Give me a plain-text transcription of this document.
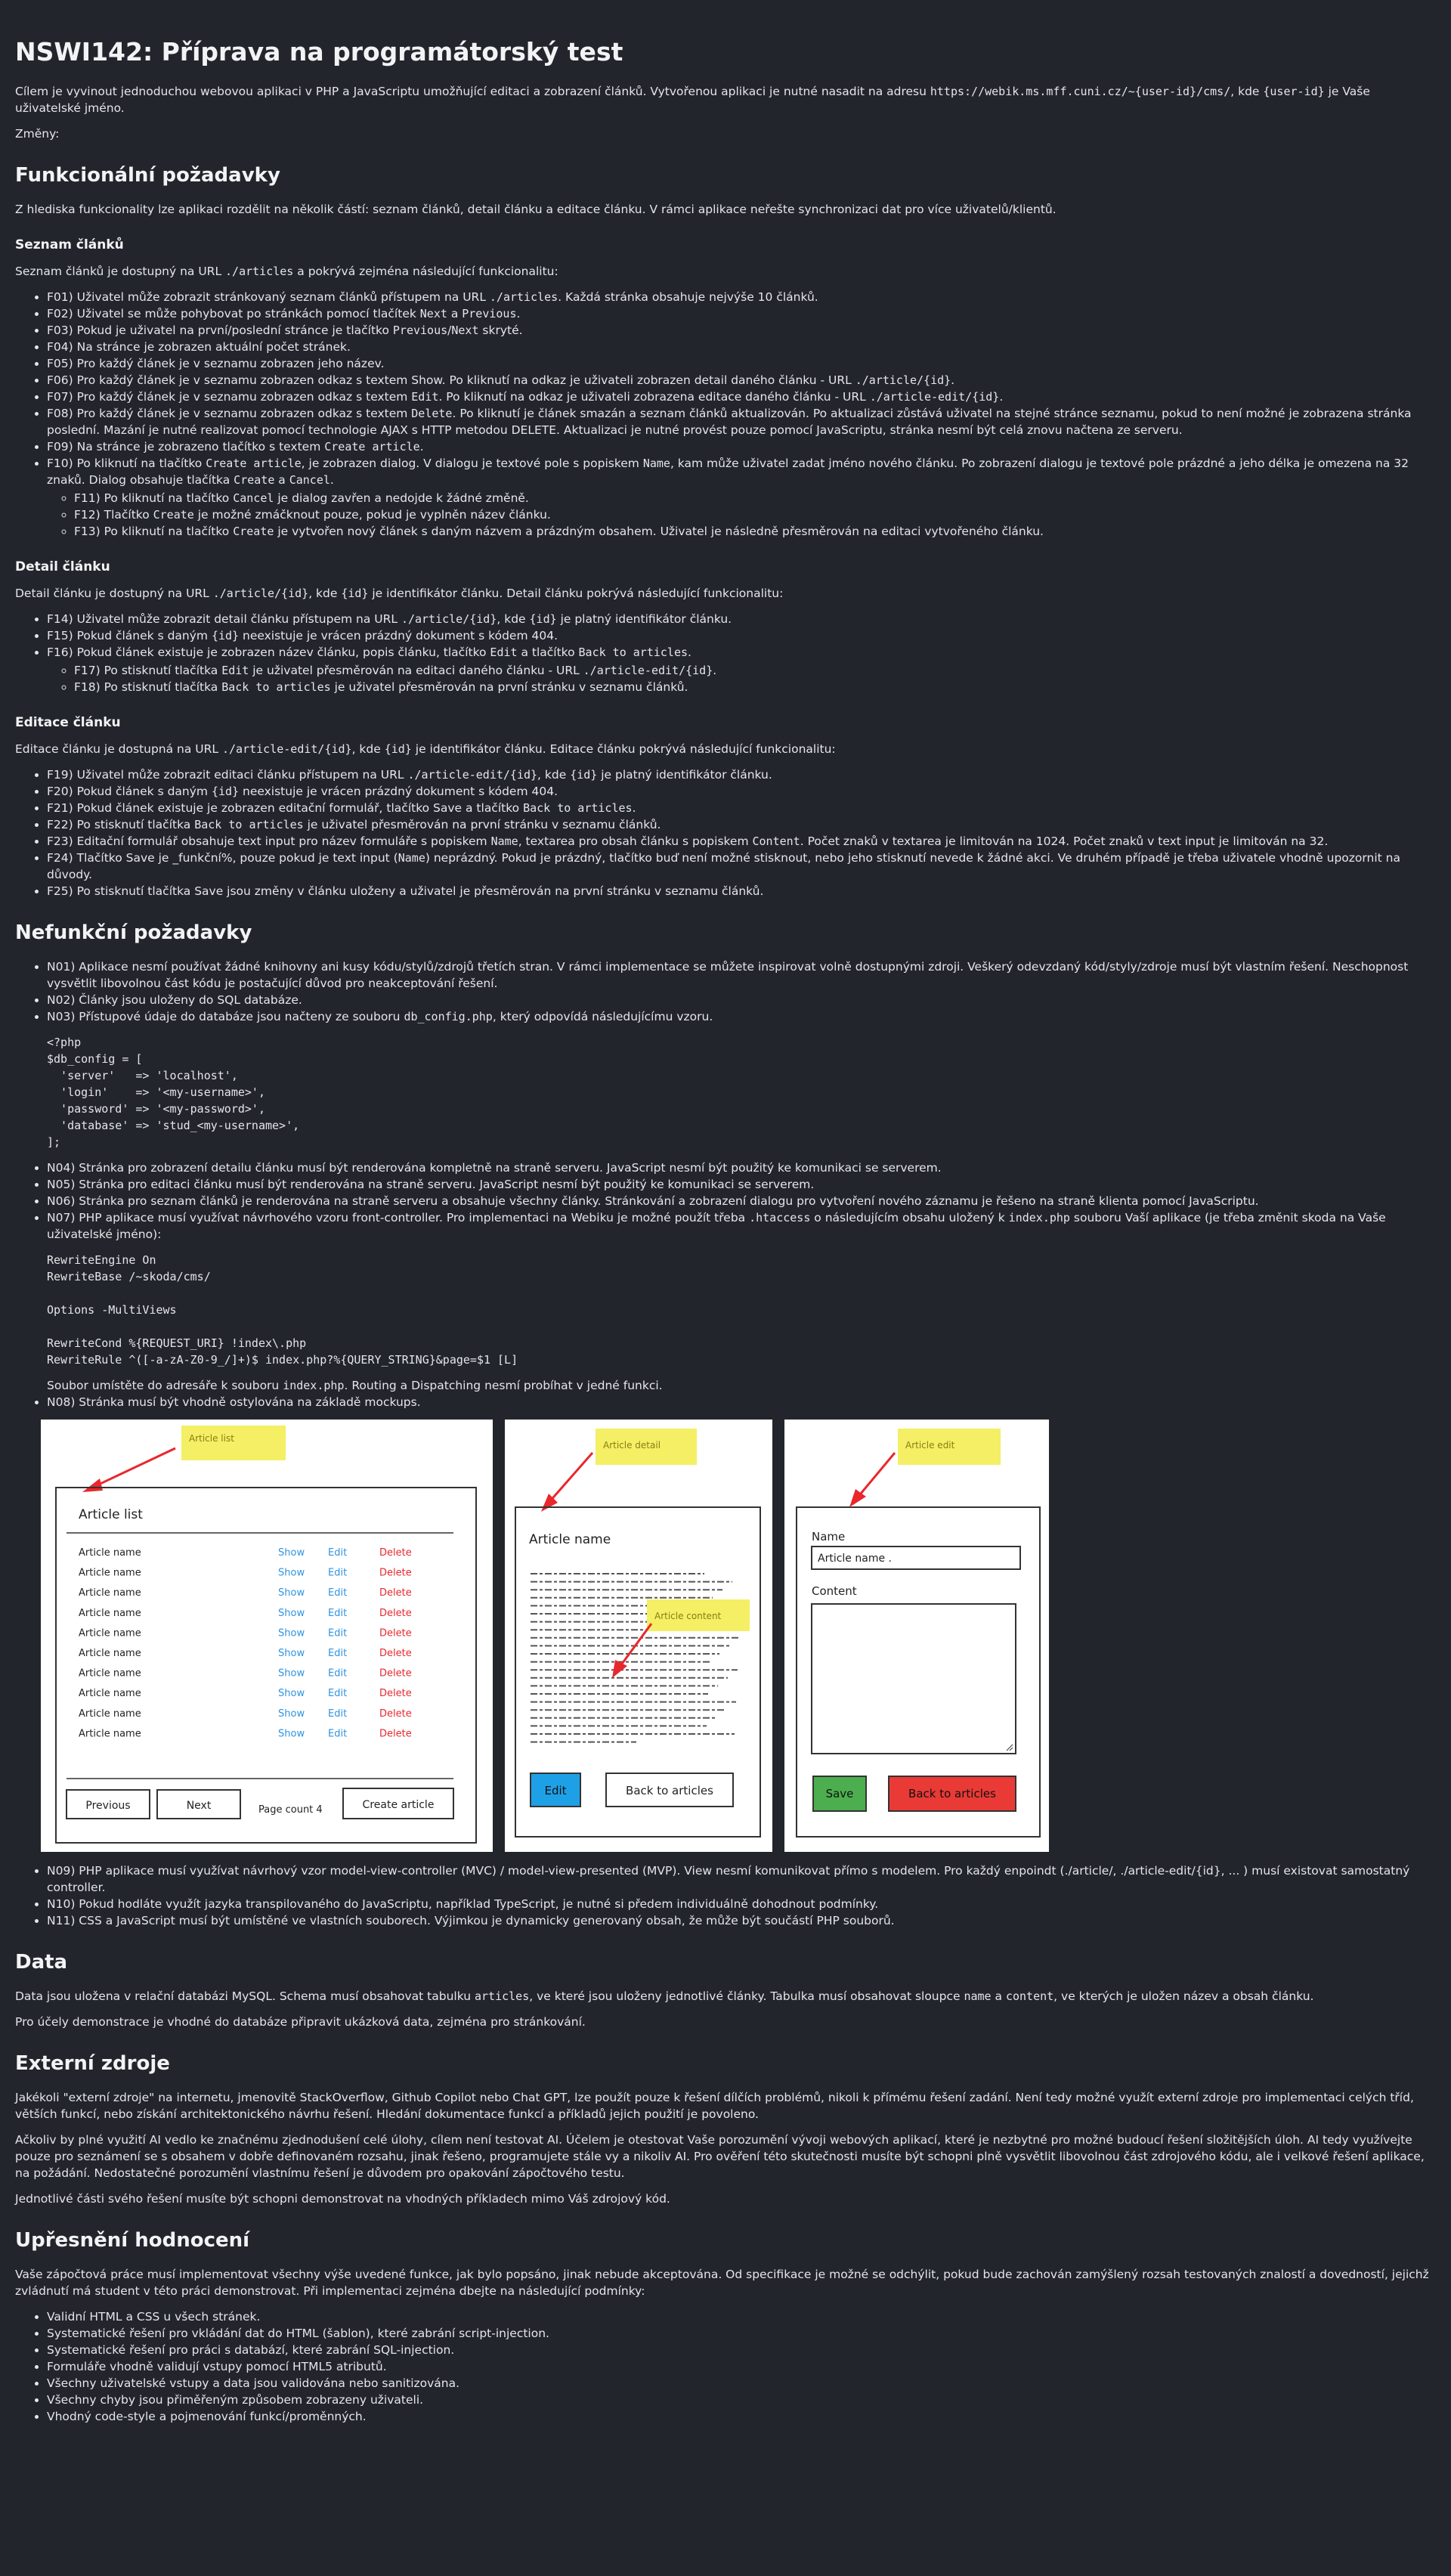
NSWI142: Příprava na programátorský test

Cílem je vyvinout jednoduchou webovou aplikaci v PHP a JavaScriptu umožňující editaci a zobrazení článků. Vytvořenou aplikaci je nutné nasadit na adresu https://webik.ms.mff.cuni.cz/~{user-id}/cms/, kde {user-id} je Vaše uživatelské jméno.

Změny:

Funkcionální požadavky

Z hlediska funkcionality lze aplikaci rozdělit na několik částí: seznam článků, detail článku a editace článku. V rámci aplikace neřešte synchronizaci dat pro více uživatelů/klientů.

Seznam článků

Seznam článků je dostupný na URL ./articles a pokrývá zejména následující funkcionalitu:

• F01) Uživatel může zobrazit stránkovaný seznam článků přístupem na URL ./articles. Každá stránka obsahuje nejvýše 10 článků.
• F02) Uživatel se může pohybovat po stránkách pomocí tlačítek Next a Previous.
• F03) Pokud je uživatel na první/poslední stránce je tlačítko Previous/Next skryté.
• F04) Na stránce je zobrazen aktuální počet stránek.
• F05) Pro každý článek je v seznamu zobrazen jeho název.
• F06) Pro každý článek je v seznamu zobrazen odkaz s textem Show. Po kliknutí na odkaz je uživateli zobrazen detail daného článku - URL ./article/{id}.
• F07) Pro každý článek je v seznamu zobrazen odkaz s textem Edit. Po kliknutí na odkaz je uživateli zobrazena editace daného článku - URL ./article-edit/{id}.
• F08) Pro každý článek je v seznamu zobrazen odkaz s textem Delete. Po kliknutí je článek smazán a seznam článků aktualizován. Po aktualizaci zůstává uživatel na stejné stránce seznamu, pokud to není možné je zobrazena stránka poslední. Mazání je nutné realizovat pomocí technologie AJAX s HTTP metodou DELETE. Aktualizaci je nutné provést pouze pomocí JavaScriptu, stránka nesmí být celá znovu načtena ze serveru.
• F09) Na stránce je zobrazeno tlačítko s textem Create article.
• F10) Po kliknutí na tlačítko Create article, je zobrazen dialog. V dialogu je textové pole s popiskem Name, kam může uživatel zadat jméno nového článku. Po zobrazení dialogu je textové pole prázdné a jeho délka je omezena na 32 znaků. Dialog obsahuje tlačítka Create a Cancel.
◦ F11) Po kliknutí na tlačítko Cancel je dialog zavřen a nedojde k žádné změně.
◦ F12) Tlačítko Create je možné zmáčknout pouze, pokud je vyplněn název článku.
◦ F13) Po kliknutí na tlačítko Create je vytvořen nový článek s daným názvem a prázdným obsahem. Uživatel je následně přesměrován na editaci vytvořeného článku.
Detail článku

Detail článku je dostupný na URL ./article/{id}, kde {id} je identifikátor článku. Detail článku pokrývá následující funkcionalitu:

• F14) Uživatel může zobrazit detail článku přístupem na URL ./article/{id}, kde {id} je platný identifikátor článku.
• F15) Pokud článek s daným {id} neexistuje je vrácen prázdný dokument s kódem 404.
• F16) Pokud článek existuje je zobrazen název článku, popis článku, tlačítko Edit a tlačítko Back to articles.
◦ F17) Po stisknutí tlačítka Edit je uživatel přesměrován na editaci daného článku - URL ./article-edit/{id}.
◦ F18) Po stisknutí tlačítka Back to articles je uživatel přesměrován na první stránku v seznamu článků.
Editace článku

Editace článku je dostupná na URL ./article-edit/{id}, kde {id} je identifikátor článku. Editace článku pokrývá následující funkcionalitu:

• F19) Uživatel může zobrazit editaci článku přístupem na URL ./article-edit/{id}, kde {id} je platný identifikátor článku.
• F20) Pokud článek s daným {id} neexistuje je vrácen prázdný dokument s kódem 404.
• F21) Pokud článek existuje je zobrazen editační formulář, tlačítko Save a tlačítko Back to articles.
• F22) Po stisknutí tlačítka Back to articles je uživatel přesměrován na první stránku v seznamu článků.
• F23) Editační formulář obsahuje text input pro název formuláře s popiskem Name, textarea pro obsah článku s popiskem Content. Počet znaků v textarea je limitován na 1024. Počet znaků v text input je limitován na 32.
• F24) Tlačítko Save je _funkční%, pouze pokud je text input (Name) neprázdný. Pokud je prázdný, tlačítko buď není možné stisknout, nebo jeho stisknutí nevede k žádné akci. Ve druhém případě je třeba uživatele vhodně upozornit na důvody.
• F25) Po stisknutí tlačítka Save jsou změny v článku uloženy a uživatel je přesměrován na první stránku v seznamu článků.
Nefunkční požadavky
• N01) Aplikace nesmí používat žádné knihovny ani kusy kódu/stylů/zdrojů třetích stran. V rámci implementace se můžete inspirovat volně dostupnými zdroji. Veškerý odevzdaný kód/styly/zdroje musí být vlastním řešení. Neschopnost vysvětlit libovolnou část kódu je postačující důvod pro neakceptování řešení.
• N02) Články jsou uloženy do SQL databáze.
• N03) Přístupové údaje do databáze jsou načteny ze souboru db_config.php, který odpovídá následujícímu vzoru.
<?php
$db_config = [
'server'   => 'localhost',
'login'    => '<my-username>',
'password' => '<my-password>',
'database' => 'stud_<my-username>',
];
• N04) Stránka pro zobrazení detailu článku musí být renderována kompletně na straně serveru. JavaScript nesmí být použitý ke komunikaci se serverem.
• N05) Stránka pro editaci článku musí být renderována na straně serveru. JavaScript nesmí být použitý ke komunikaci se serverem.
• N06) Stránka pro seznam článků je renderována na straně serveru a obsahuje všechny články. Stránkování a zobrazení dialogu pro vytvoření nového záznamu je řešeno na straně klienta pomocí JavaScriptu.
• N07) PHP aplikace musí využívat návrhového vzoru front-controller. Pro implementaci na Webiku je možné použít třeba .htaccess o následujícím obsahu uložený k index.php souboru Vaší aplikace (je třeba změnit skoda na Vaše uživatelské jméno):
RewriteEngine On
RewriteBase /~skoda/cms/

Options -MultiViews

RewriteCond %{REQUEST_URI} !index\.php
RewriteRule ^([-a-zA-Z0-9_/]+)$ index.php?%{QUERY_STRING}&page=$1 [L]

Soubor umístěte do adresáře k souboru index.php. Routing a Dispatching nesmí probíhat v jedné funkci.

• N08) Stránka musí být vhodně ostylována na základě mockups.
Article list
Article list
Article name	Show Edit	Delete
Article name	Show Edit	Delete
Article name	Show Edit	Delete
Article name	Show Edit	Delete
Article name	Show Edit	Delete
Article name	Show Edit	Delete
Article name	Show Edit	Delete
Article name	Show Edit	Delete
Article name	Show Edit	Delete
Article name	Show Edit	Delete
Previous	Next	Page count 4	Create article
Article detail
Article name
Article content
Edit	Back to articles
Article edit
Name
Article name .
Content
Save	Back to articles
• N09) PHP aplikace musí využívat návrhový vzor model-view-controller (MVC) / model-view-presented (MVP). View nesmí komunikovat přímo s modelem. Pro každý enpoindt (./article/, ./article-edit/{id}, ... ) musí existovat samostatný controller.
• N10) Pokud hodláte využít jazyka transpilovaného do JavaScriptu, například TypeScript, je nutné si předem individuálně dohodnout podmínky.
• N11) CSS a JavaScript musí být umístěné ve vlastních souborech. Výjimkou je dynamicky generovaný obsah, že může být součástí PHP souborů.
Data

Data jsou uložena v relační databázi MySQL. Schema musí obsahovat tabulku articles, ve které jsou uloženy jednotlivé články. Tabulka musí obsahovat sloupce name a content, ve kterých je uložen název a obsah článku.

Pro účely demonstrace je vhodné do databáze připravit ukázková data, zejména pro stránkování.

Externí zdroje

Jakékoli "externí zdroje" na internetu, jmenovitě StackOverflow, Github Copilot nebo Chat GPT, lze použít pouze k řešení dílčích problémů, nikoli k přímému řešení zadání. Není tedy možné využít externí zdroje pro implementaci celých tříd, větších funkcí, nebo získání architektonického návrhu řešení. Hledání dokumentace funkcí a příkladů jejich použití je povoleno.

Ačkoliv by plné využití AI vedlo ke značnému zjednodušení celé úlohy, cílem není testovat AI. Účelem je otestovat Vaše porozumění vývoji webových aplikací, které je nezbytné pro možné budoucí řešení složitějších úloh. AI tedy využívejte pouze pro seznámení se s obsahem v dobře definovaném rozsahu, jinak řešeno, programujete stále vy a nikoliv AI. Pro ověření této skutečnosti musíte být schopni plně vysvětlit libovolnou část zdrojového kódu, ale i velkové řešení aplikace, na požádání. Nedostatečné porozumění vlastnímu řešení je důvodem pro opakování zápočtového testu.

Jednotlivé části svého řešení musíte být schopni demonstrovat na vhodných příkladech mimo Váš zdrojový kód.

Upřesnění hodnocení

Vaše zápočtová práce musí implementovat všechny výše uvedené funkce, jak bylo popsáno, jinak nebude akceptována. Od specifikace je možné se odchýlit, pokud bude zachován zamýšlený rozsah testovaných znalostí a dovedností, jejichž zvládnutí má student v této práci demonstrovat. Při implementaci zejména dbejte na následující podmínky:

• Validní HTML a CSS u všech stránek.
• Systematické řešení pro vkládání dat do HTML (šablon), které zabrání script-injection.
• Systematické řešení pro práci s databází, které zabrání SQL-injection.
• Formuláře vhodně validují vstupy pomocí HTML5 atributů.
• Všechny uživatelské vstupy a data jsou validována nebo sanitizována.
• Všechny chyby jsou přiměřeným způsobem zobrazeny uživateli.
• Vhodný code-style a pojmenování funkcí/proměnných.
